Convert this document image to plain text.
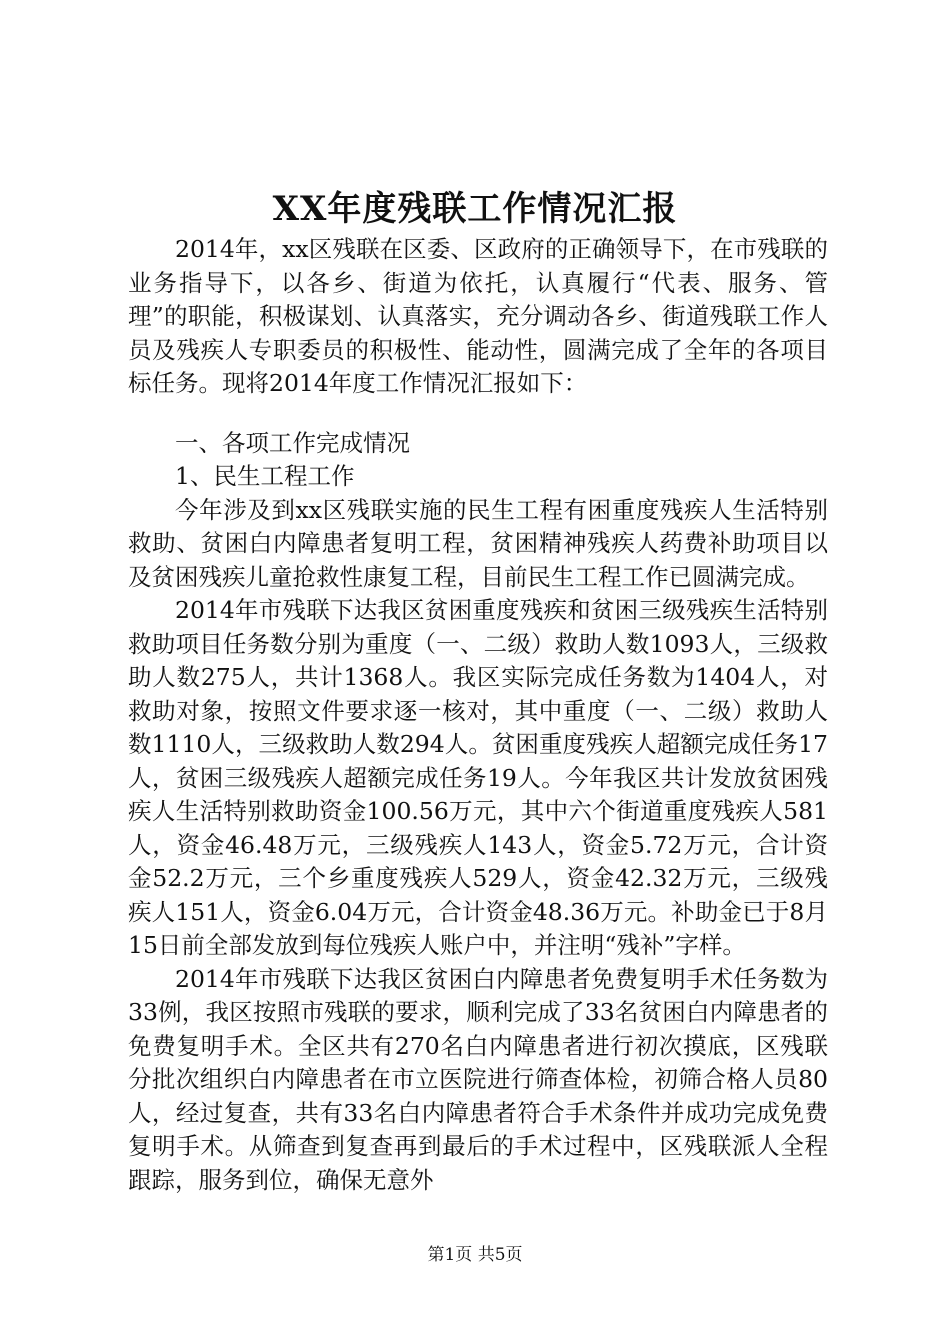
XX年度残联工作情况汇报

2014年，xx区残联在区委、区政府的正确领导下，在市残联的业务指导下，以各乡、街道为依托，认真履行“代表、服务、管理”的职能，积极谋划、认真落实，充分调动各乡、街道残联工作人员及残疾人专职委员的积极性、能动性，圆满完成了全年的各项目标任务。现将2014年度工作情况汇报如下：

一、各项工作完成情况

1、民生工程工作

今年涉及到xx区残联实施的民生工程有困重度残疾人生活特别救助、贫困白内障患者复明工程，贫困精神残疾人药费补助项目以及贫困残疾儿童抢救性康复工程，目前民生工程工作已圆满完成。

2014年市残联下达我区贫困重度残疾和贫困三级残疾生活特别救助项目任务数分别为重度（一、二级）救助人数1093人，三级救助人数275人，共计1368人。我区实际完成任务数为1404人，对救助对象，按照文件要求逐一核对，其中重度（一、二级）救助人数1110人，三级救助人数294人。贫困重度残疾人超额完成任务17人，贫困三级残疾人超额完成任务19人。今年我区共计发放贫困残疾人生活特别救助资金100.56万元，其中六个街道重度残疾人581人，资金46.48万元，三级残疾人143人，资金5.72万元，合计资金52.2万元，三个乡重度残疾人529人，资金42.32万元，三级残疾人151人，资金6.04万元，合计资金48.36万元。补助金已于8月15日前全部发放到每位残疾人账户中，并注明“残补”字样。

2014年市残联下达我区贫困白内障患者免费复明手术任务数为33例，我区按照市残联的要求，顺利完成了33名贫困白内障患者的免费复明手术。全区共有270名白内障患者进行初次摸底，区残联分批次组织白内障患者在市立医院进行筛查体检，初筛合格人员80人，经过复查，共有33名白内障患者符合手术条件并成功完成免费复明手术。从筛查到复查再到最后的手术过程中，区残联派人全程跟踪，服务到位，确保无意外

第1页 共5页
